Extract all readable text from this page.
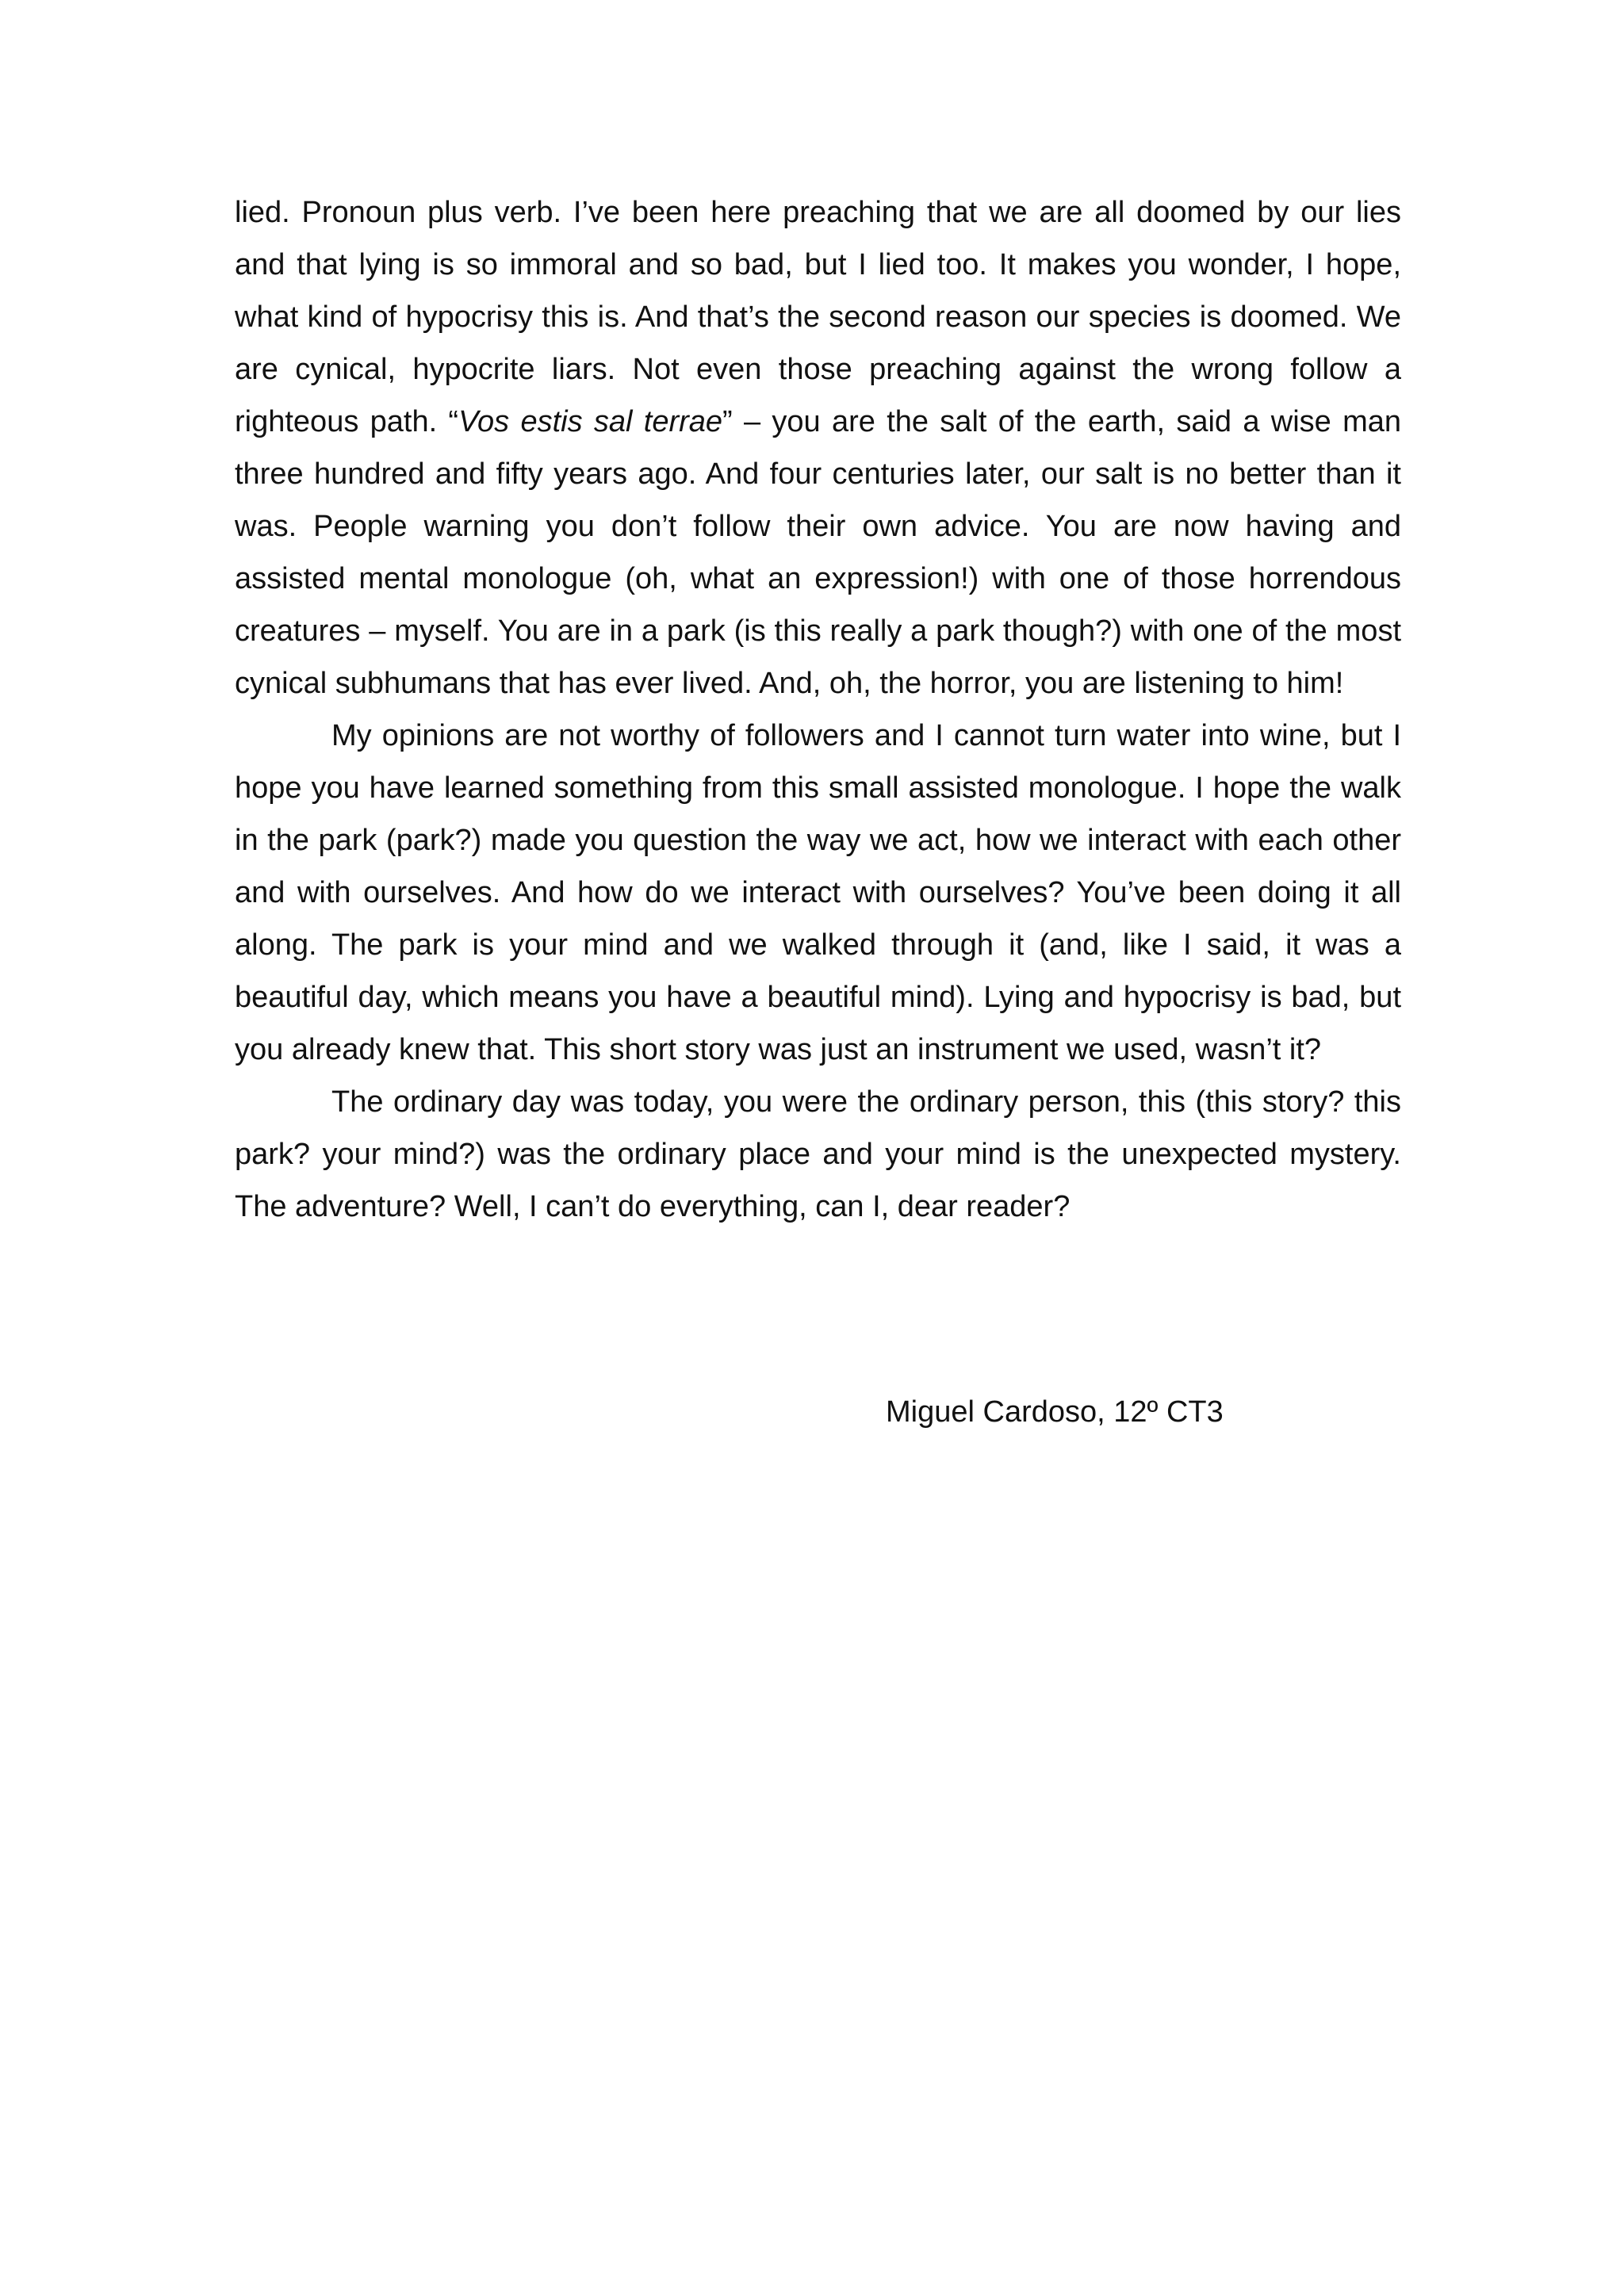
lied. Pronoun plus verb. I’ve been here preaching that we are all doomed by our lies and that lying is so immoral and so bad, but I lied too. It makes you wonder, I hope, what kind of hypocrisy this is. And that’s the second reason our species is doomed. We are cynical, hypocrite liars. Not even those preaching against the wrong follow a righteous path. “Vos estis sal terrae” – you are the salt of the earth, said a wise man three hundred and fifty years ago. And four centuries later, our salt is no better than it was. People warning you don’t follow their own advice. You are now having and assisted mental monologue (oh, what an expression!) with one of those horrendous creatures – myself. You are in a park (is this really a park though?) with one of the most cynical subhumans that has ever lived. And, oh, the horror, you are listening to him!

My opinions are not worthy of followers and I cannot turn water into wine, but I hope you have learned something from this small assisted monologue. I hope the walk in the park (park?) made you question the way we act, how we interact with each other and with ourselves. And how do we interact with ourselves? You’ve been doing it all along. The park is your mind and we walked through it (and, like I said, it was a beautiful day, which means you have a beautiful mind). Lying and hypocrisy is bad, but you already knew that. This short story was just an instrument we used, wasn’t it?

The ordinary day was today, you were the ordinary person, this (this story? this park? your mind?) was the ordinary place and your mind is the unexpected mystery. The adventure? Well, I can’t do everything, can I, dear reader?

Miguel Cardoso, 12º CT3
